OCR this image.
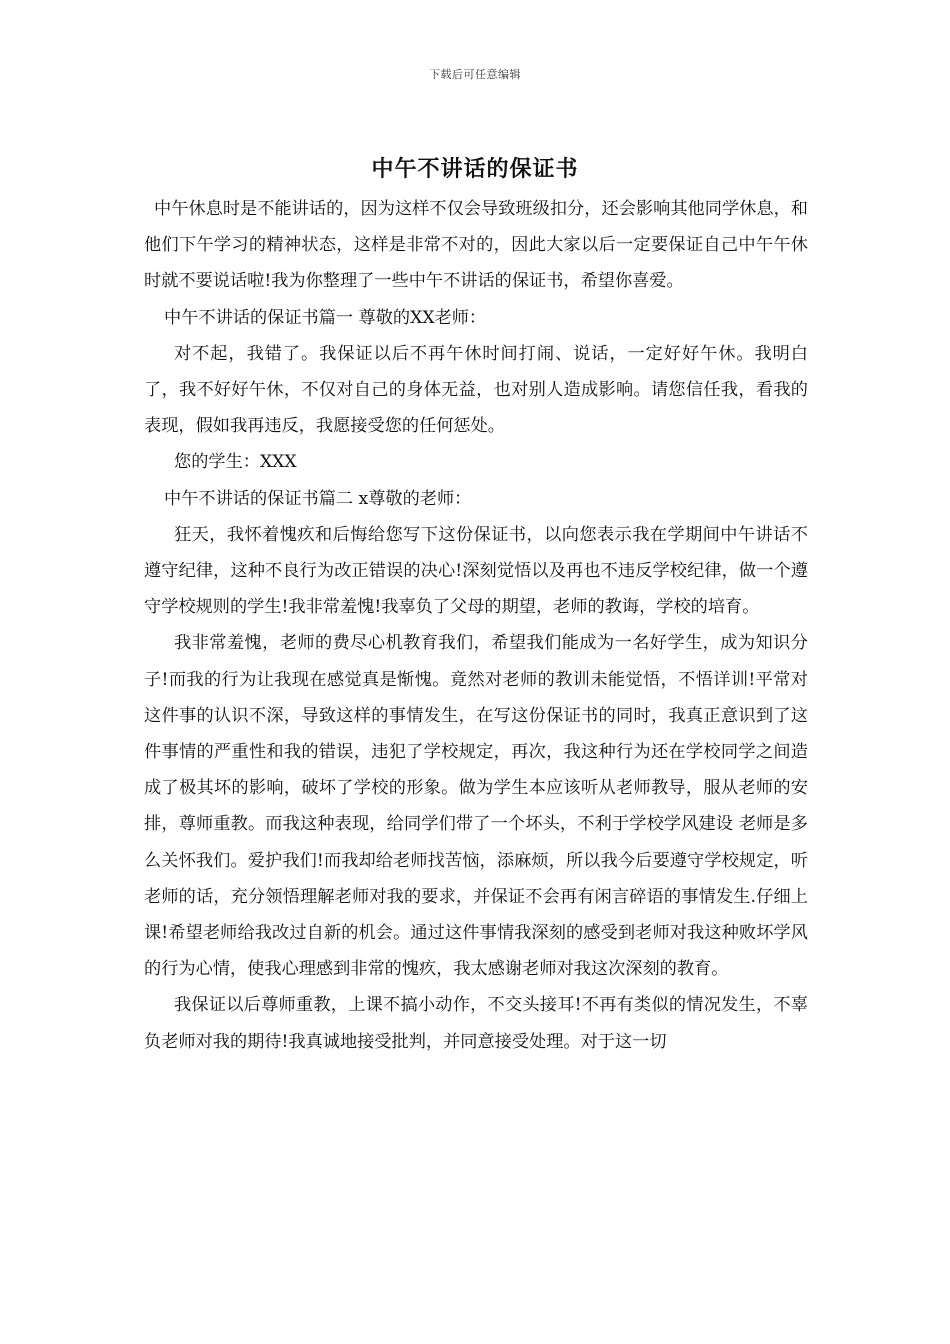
下载后可任意编辑
中午不讲话的保证书

中午休息时是不能讲话的，因为这样不仅会导致班级扣分，还会影响其他同学休息，和他们下午学习的精神状态，这样是非常不对的，因此大家以后一定要保证自己中午午休时就不要说话啦!我为你整理了一些中午不讲话的保证书，希望你喜爱。

中午不讲话的保证书篇一 尊敬的XX老师：

对不起，我错了。我保证以后不再午休时间打闹、说话，一定好好午休。我明白了，我不好好午休，不仅对自己的身体无益，也对别人造成影响。请您信任我，看我的表现，假如我再违反，我愿接受您的任何惩处。

您的学生：XXX

中午不讲话的保证书篇二 x尊敬的老师：

狂天，我怀着愧疚和后悔给您写下这份保证书，以向您表示我在学期间中午讲话不遵守纪律，这种不良行为改正错误的决心!深刻觉悟以及再也不违反学校纪律，做一个遵守学校规则的学生!我非常羞愧!我辜负了父母的期望，老师的教诲，学校的培育。

我非常羞愧，老师的费尽心机教育我们，希望我们能成为一名好学生，成为知识分子!而我的行为让我现在感觉真是惭愧。竟然对老师的教训未能觉悟，不悟详训!平常对这件事的认识不深，导致这样的事情发生，在写这份保证书的同时，我真正意识到了这件事情的严重性和我的错误，违犯了学校规定，再次，我这种行为还在学校同学之间造成了极其坏的影响，破坏了学校的形象。做为学生本应该听从老师教导，服从老师的安排，尊师重教。而我这种表现，给同学们带了一个坏头，不利于学校学风建设 老师是多么关怀我们。爱护我们!而我却给老师找苦恼，添麻烦，所以我今后要遵守学校规定，听老师的话，充分领悟理解老师对我的要求，并保证不会再有闲言碎语的事情发生.仔细上课!希望老师给我改过自新的机会。通过这件事情我深刻的感受到老师对我这种败坏学风的行为心情，使我心理感到非常的愧疚，我太感谢老师对我这次深刻的教育。

我保证以后尊师重教，上课不搞小动作，不交头接耳!不再有类似的情况发生，不辜负老师对我的期待!我真诚地接受批判，并同意接受处理。对于这一切
